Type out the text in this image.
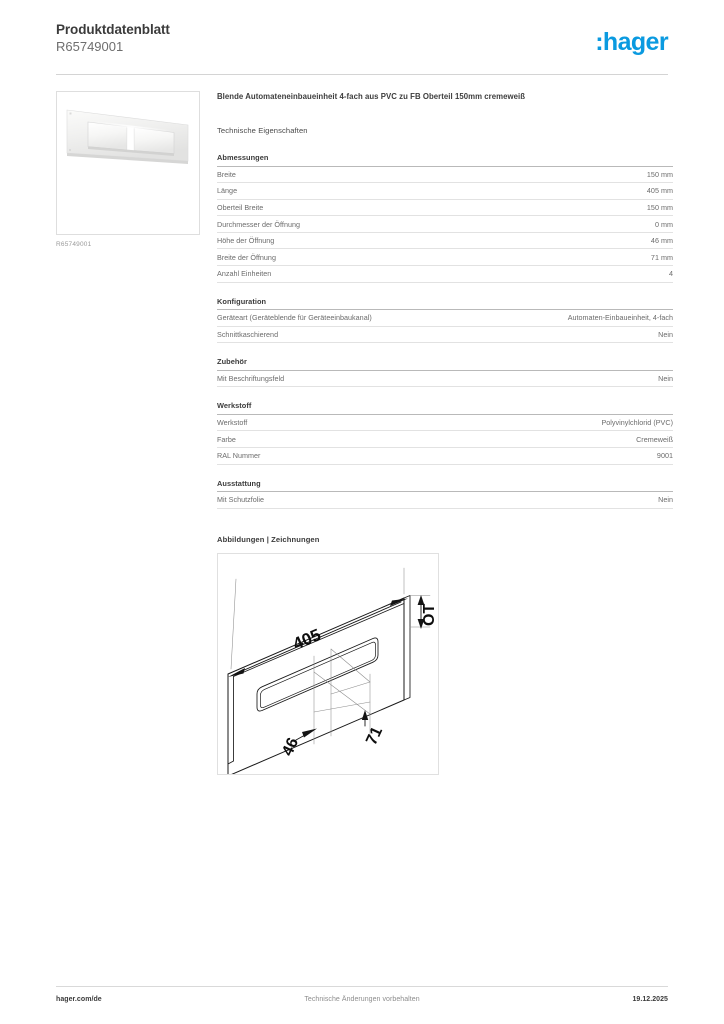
Produktdatenblatt
R65749001	:hager
R65749001
Blende Automateneinbaueinheit 4-fach aus PVC zu FB Oberteil 150mm cremeweiß
Technische Eigenschaften
Abmessungen
Breite	150 mm
Länge	405 mm
Oberteil Breite	150 mm
Durchmesser der Öffnung	0 mm
Höhe der Öffnung	46 mm
Breite der Öffnung	71 mm
Anzahl Einheiten	4
Konfiguration
Geräteart (Geräteblende für Geräteeinbaukanal)	Automaten-Einbaueinheit, 4-fach
Schnittkaschierend	Nein
Zubehör
Mit Beschriftungsfeld	Nein
Werkstoff
Werkstoff	Polyvinylchlorid (PVC)
Farbe	Cremeweiß
RAL Nummer	9001
Ausstattung
Mit Schutzfolie	Nein
Abbildungen | Zeichnungen
405
OT
46	71
Technische Änderungen vorbehalten
hager.com/de	19.12.2025
